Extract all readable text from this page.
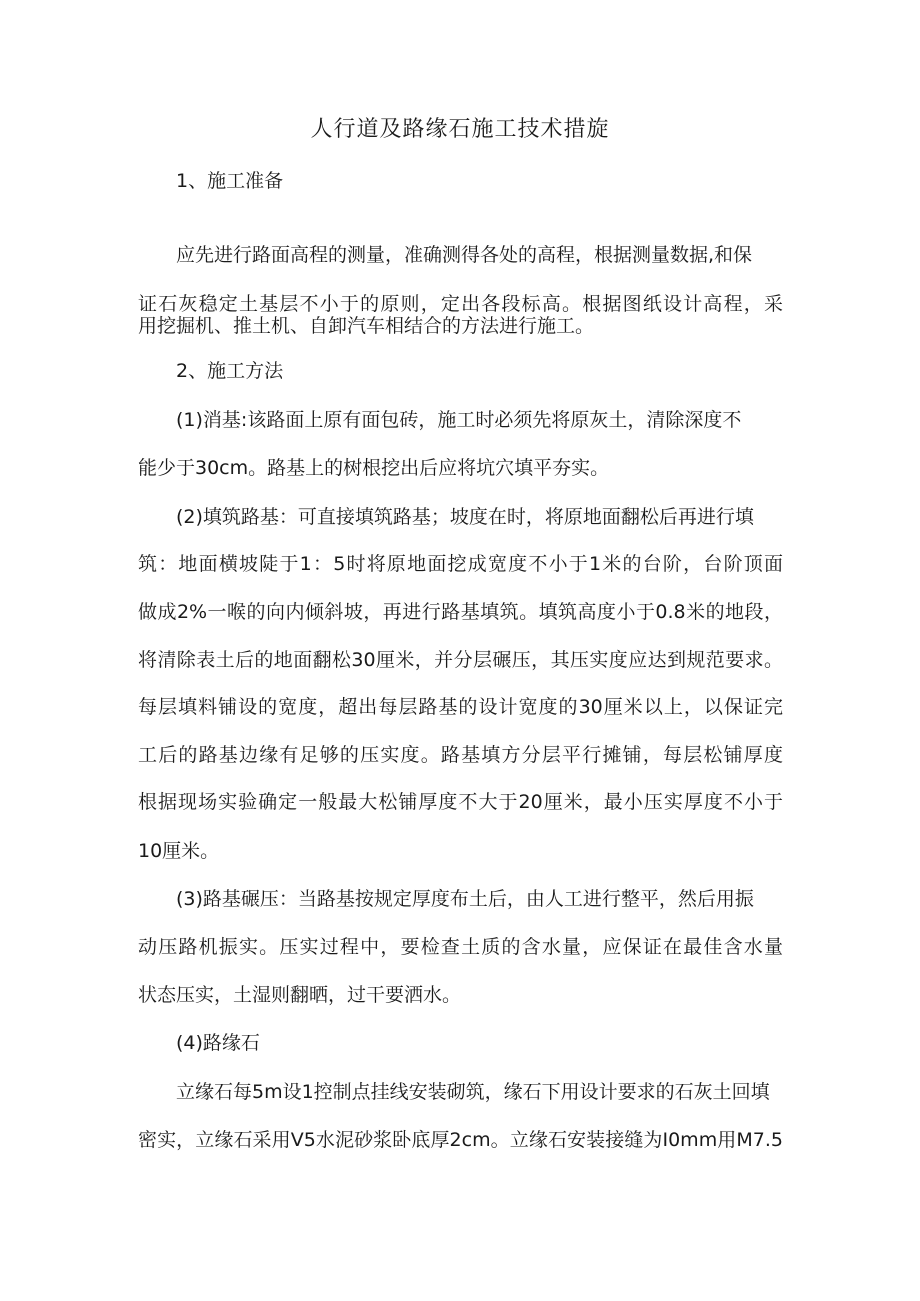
人行道及路缘石施工技术措旋

1、施工准备

应先进行路面高程的测量，准确测得各处的高程，根据测量数据,和保

证石灰稳定土基层不小于的原则，定出各段标高。根据图纸设计高程，采

用挖掘机、推土机、自卸汽车相结合的方法进行施工。

2、施工方法

(1)消基:该路面上原有面包砖，施工时必须先将原灰土，清除深度不

能少于30cm。路基上的树根挖出后应将坑穴填平夯实。

(2)填筑路基：可直接填筑路基；坡度在时，将原地面翻松后再进行填

筑：地面横坡陡于1：5时将原地面挖成宽度不小于1米的台阶，台阶顶面

做成2%一喉的向内倾斜坡，再进行路基填筑。填筑高度小于0.8米的地段，

将清除表土后的地面翻松30厘米，并分层碾压，其压实度应达到规范要求。

每层填料铺设的宽度，超出每层路基的设计宽度的30厘米以上，以保证完

工后的路基边缘有足够的压实度。路基填方分层平行摊铺，每层松铺厚度

根据现场实验确定一般最大松铺厚度不大于20厘米，最小压实厚度不小于

10厘米。

(3)路基碾压：当路基按规定厚度布土后，由人工进行整平，然后用振

动压路机振实。压实过程中，要检查土质的含水量，应保证在最佳含水量

状态压实，土湿则翻晒，过干要洒水。

(4)路缘石

立缘石每5m设1控制点挂线安装砌筑，缘石下用设计要求的石灰土回填

密实，立缘石采用V5水泥砂浆卧底厚2cm。立缘石安装接缝为I0mm用M7.5
